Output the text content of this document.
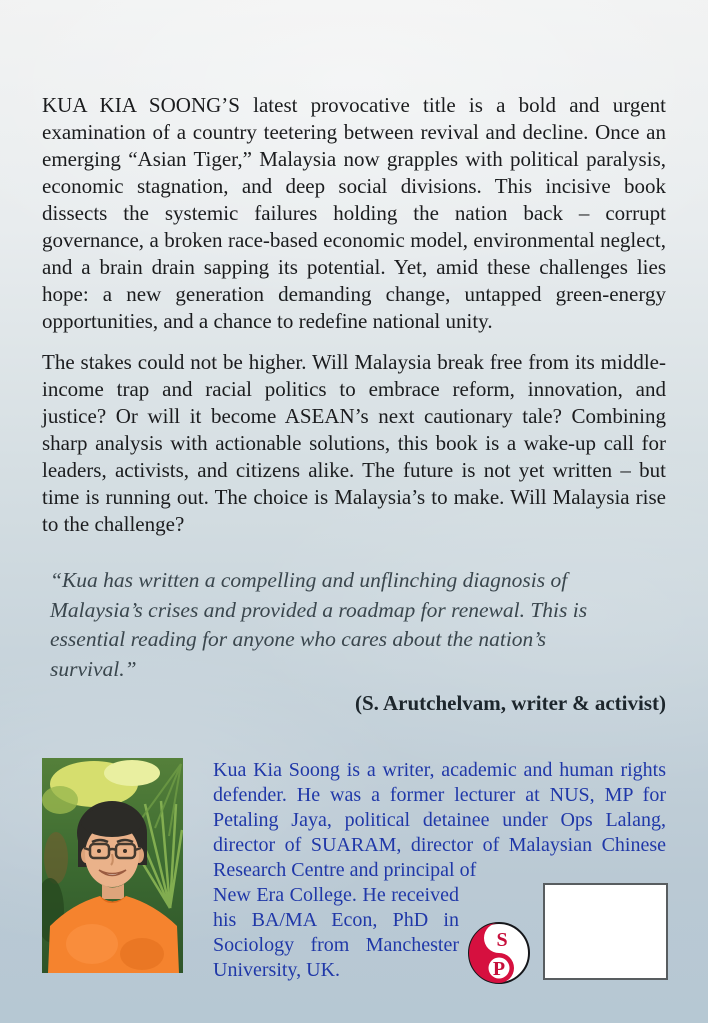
KUA KIA SOONG’S latest provocative title is a bold and urgent examination of a country teetering between revival and decline. Once an emerging “Asian Tiger,” Malaysia now grapples with political paralysis, economic stagnation, and deep social divisions. This incisive book dissects the systemic failures holding the nation back – corrupt governance, a broken race-based economic model, environmental neglect, and a brain drain sapping its potential. Yet, amid these challenges lies hope: a new generation demanding change, untapped green-energy opportunities, and a chance to redefine national unity.

The stakes could not be higher. Will Malaysia break free from its middle-income trap and racial politics to embrace reform, innovation, and justice? Or will it become ASEAN’s next cautionary tale? Combining sharp analysis with actionable solutions, this book is a wake-up call for leaders, activists, and citizens alike. The future is not yet written – but time is running out. The choice is Malaysia’s to make. Will Malaysia rise to the challenge?

“Kua has written a compelling and unflinching diagnosis of Malaysia’s crises and provided a roadmap for renewal. This is essential reading for anyone who cares about the nation’s survival.”

(S. Arutchelvam, writer & activist)

Kua Kia Soong is a writer, academic and human rights defender. He was a former lecturer at NUS, MP for Petaling Jaya, political detainee under Ops Lalang, director of SUARAM, director of Malaysian Chinese Research Centre and principal of

New Era College. He received his BA/MA Econ, PhD in Sociology from Manchester University, UK.

S
P
